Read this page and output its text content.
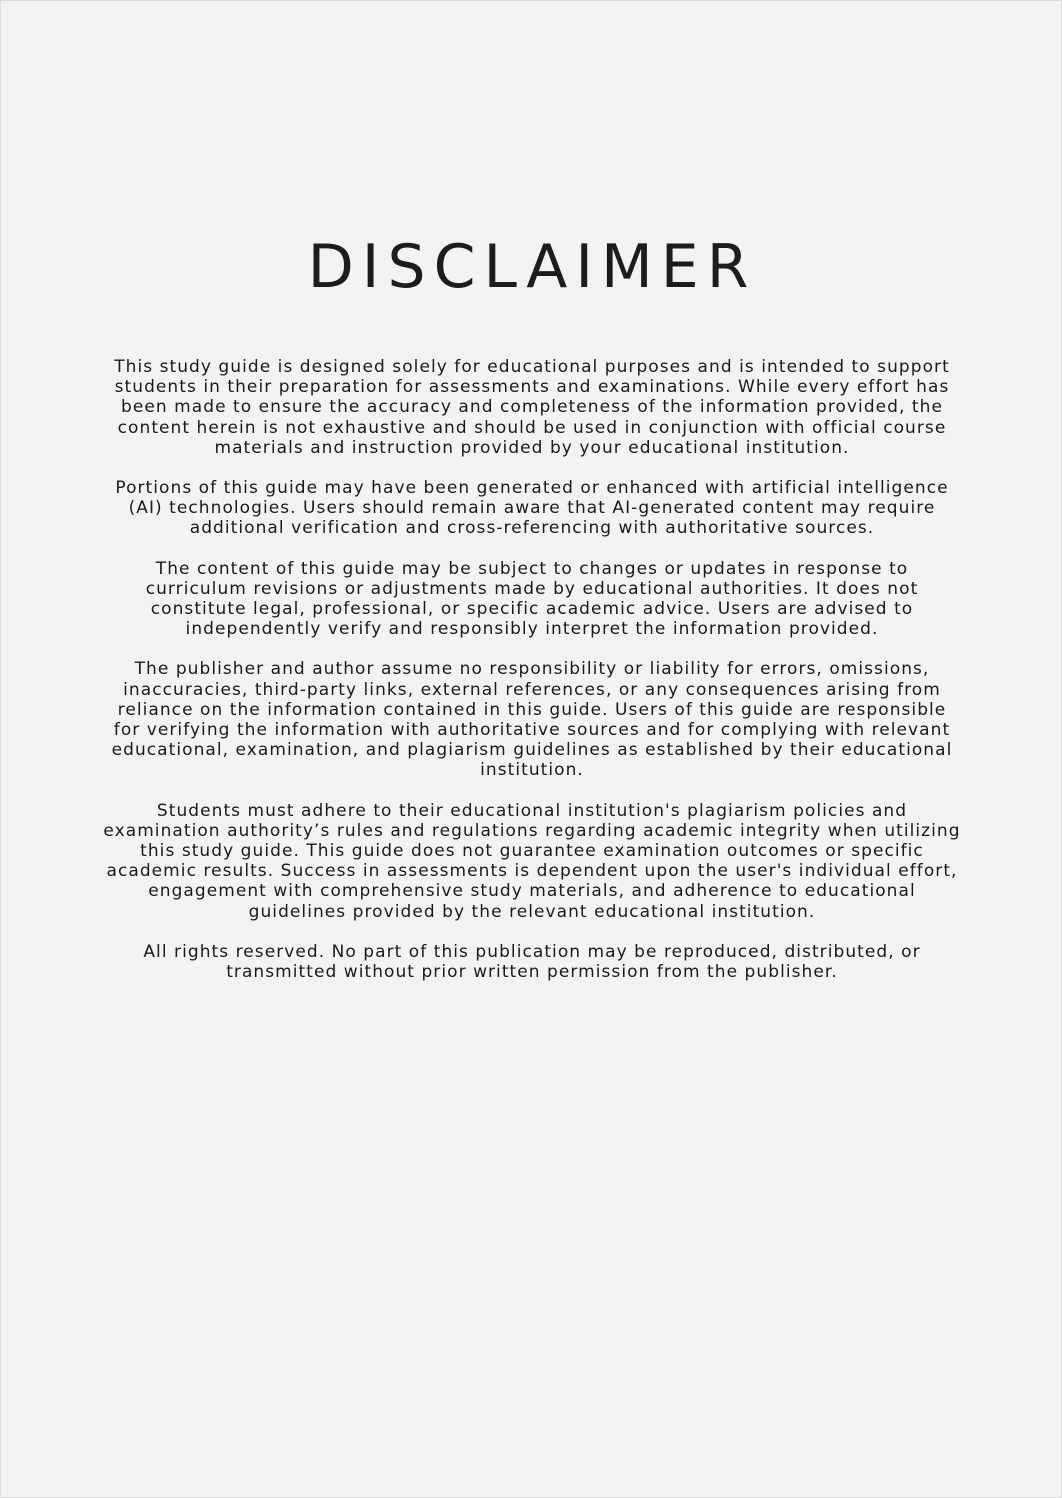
DISCLAIMER

This study guide is designed solely for educational purposes and is intended to support students in their preparation for assessments and examinations. While every effort has been made to ensure the accuracy and completeness of the information provided, the content herein is not exhaustive and should be used in conjunction with official course materials and instruction provided by your educational institution.

Portions of this guide may have been generated or enhanced with artificial intelligence (AI) technologies. Users should remain aware that AI-generated content may require additional verification and cross-referencing with authoritative sources.

The content of this guide may be subject to changes or updates in response to curriculum revisions or adjustments made by educational authorities. It does not constitute legal, professional, or specific academic advice. Users are advised to independently verify and responsibly interpret the information provided.

The publisher and author assume no responsibility or liability for errors, omissions, inaccuracies, third-party links, external references, or any consequences arising from reliance on the information contained in this guide. Users of this guide are responsible for verifying the information with authoritative sources and for complying with relevant educational, examination, and plagiarism guidelines as established by their educational institution.

Students must adhere to their educational institution's plagiarism policies and examination authority’s rules and regulations regarding academic integrity when utilizing this study guide. This guide does not guarantee examination outcomes or specific academic results. Success in assessments is dependent upon the user's individual effort, engagement with comprehensive study materials, and adherence to educational guidelines provided by the relevant educational institution.

All rights reserved. No part of this publication may be reproduced, distributed, or transmitted without prior written permission from the publisher.
